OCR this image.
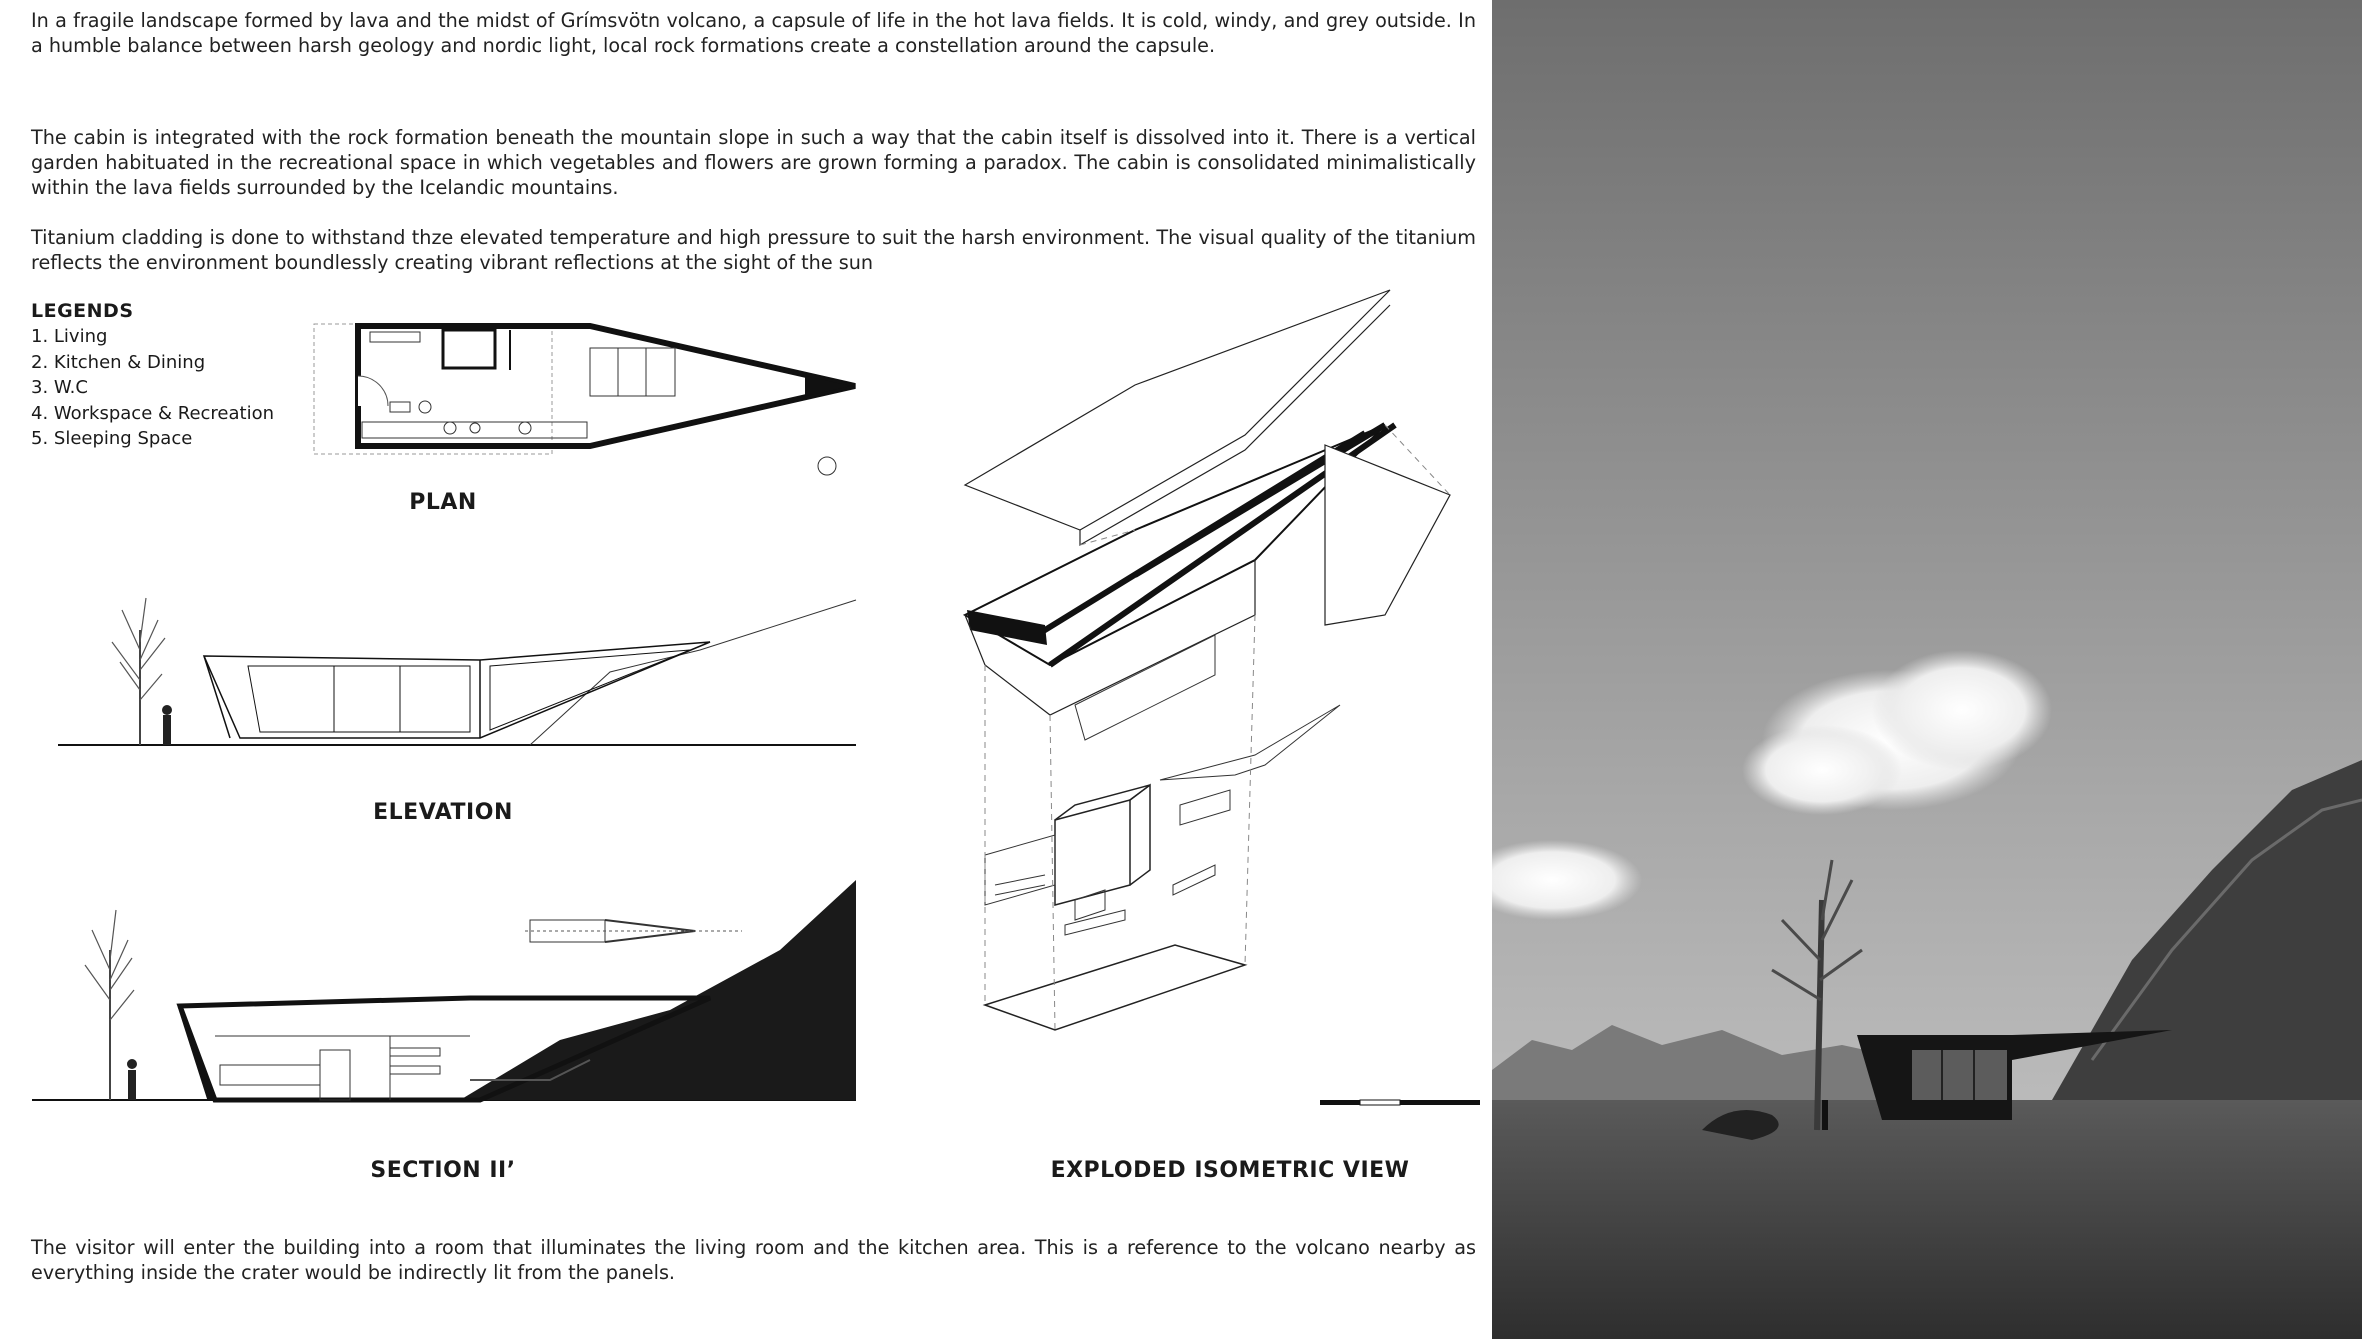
In a fragile landscape formed by lava and the midst of Grímsvötn volcano, a capsule of life in the hot lava fields. It is cold, windy, and grey outside. In a humble balance between harsh geology and nordic light, local rock formations create a constellation around the capsule.

The cabin is integrated with the rock formation beneath the mountain slope in such a way that the cabin itself is dissolved into it. There is a vertical garden habituated in the recreational space in which vegetables and flowers are grown forming a paradox. The cabin is consolidated minimalistically within the lava fields surrounded by the Icelandic mountains.

Titanium cladding is done to withstand thze elevated temperature and high pressure to suit the harsh environment. The visual quality of the titanium reflects the environment boundlessly creating vibrant reflections at the sight of the sun

LEGENDS
1. Living
2. Kitchen & Dining
3. W.C
4. Workspace & Recreation
5. Sleeping Space
PLAN
ELEVATION
SECTION II’	EXPLODED ISOMETRIC VIEW

The visitor will enter the building into a room that illuminates the living room and the kitchen area. This is a reference to the volcano nearby as everything inside the crater would be indirectly lit from the panels.
